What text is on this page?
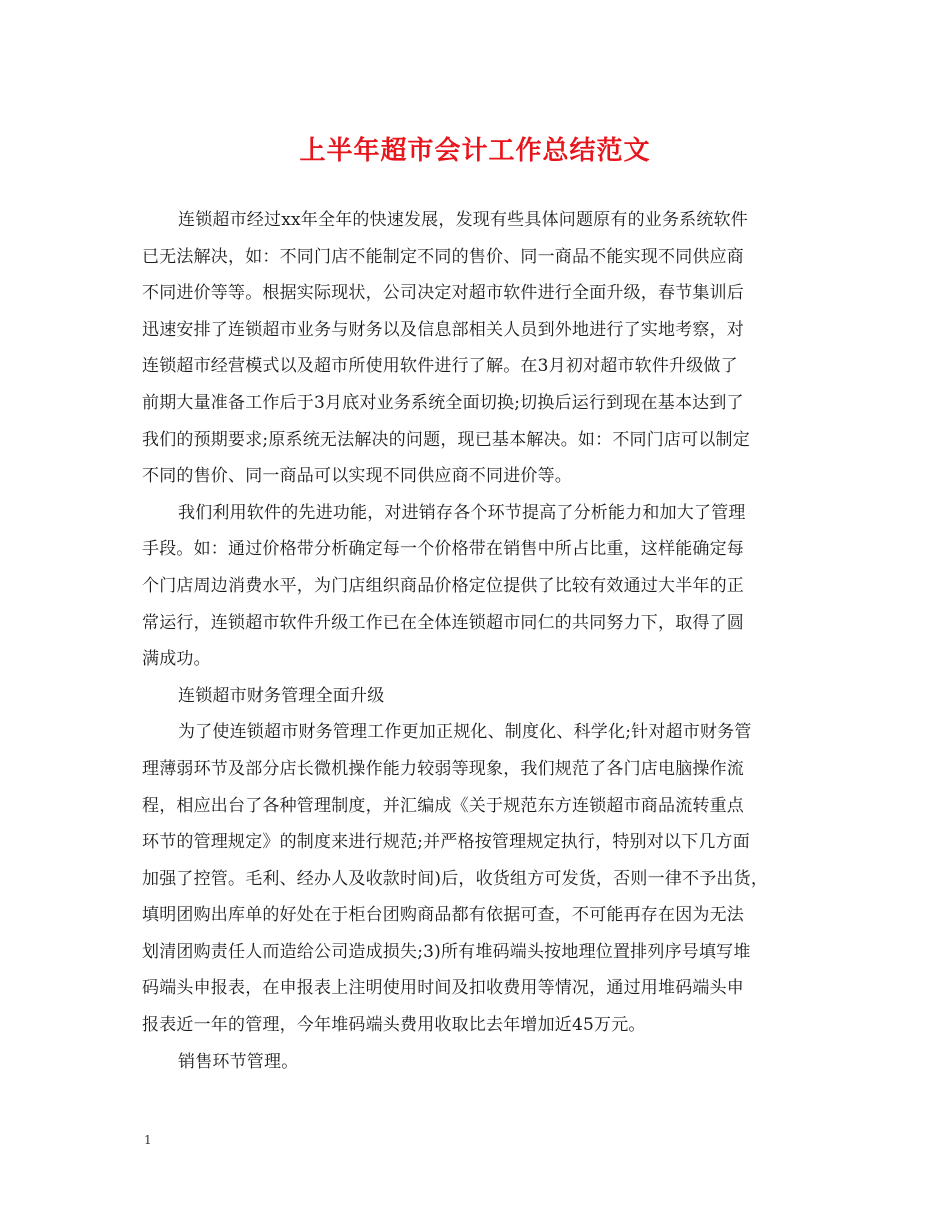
上半年超市会计工作总结范文
连锁超市经过xx年全年的快速发展，发现有些具体问题原有的业务系统软件
已无法解决，如：不同门店不能制定不同的售价、同一商品不能实现不同供应商
不同进价等等。根据实际现状，公司决定对超市软件进行全面升级，春节集训后
迅速安排了连锁超市业务与财务以及信息部相关人员到外地进行了实地考察，对
连锁超市经营模式以及超市所使用软件进行了解。在3月初对超市软件升级做了
前期大量准备工作后于3月底对业务系统全面切换;切换后运行到现在基本达到了
我们的预期要求;原系统无法解决的问题，现已基本解决。如：不同门店可以制定
不同的售价、同一商品可以实现不同供应商不同进价等。
我们利用软件的先进功能，对进销存各个环节提高了分析能力和加大了管理
手段。如：通过价格带分析确定每一个价格带在销售中所占比重，这样能确定每
个门店周边消费水平，为门店组织商品价格定位提供了比较有效通过大半年的正
常运行，连锁超市软件升级工作已在全体连锁超市同仁的共同努力下，取得了圆
满成功。
连锁超市财务管理全面升级
为了使连锁超市财务管理工作更加正规化、制度化、科学化;针对超市财务管
理薄弱环节及部分店长微机操作能力较弱等现象，我们规范了各门店电脑操作流
程，相应出台了各种管理制度，并汇编成《关于规范东方连锁超市商品流转重点
环节的管理规定》的制度来进行规范;并严格按管理规定执行，特别对以下几方面
加强了控管。毛利、经办人及收款时间)后，收货组方可发货，否则一律不予出货，
填明团购出库单的好处在于柜台团购商品都有依据可查，不可能再存在因为无法
划清团购责任人而造给公司造成损失;3)所有堆码端头按地理位置排列序号填写堆
码端头申报表，在申报表上注明使用时间及扣收费用等情况，通过用堆码端头申
报表近一年的管理，今年堆码端头费用收取比去年增加近45万元。
销售环节管理。
1
